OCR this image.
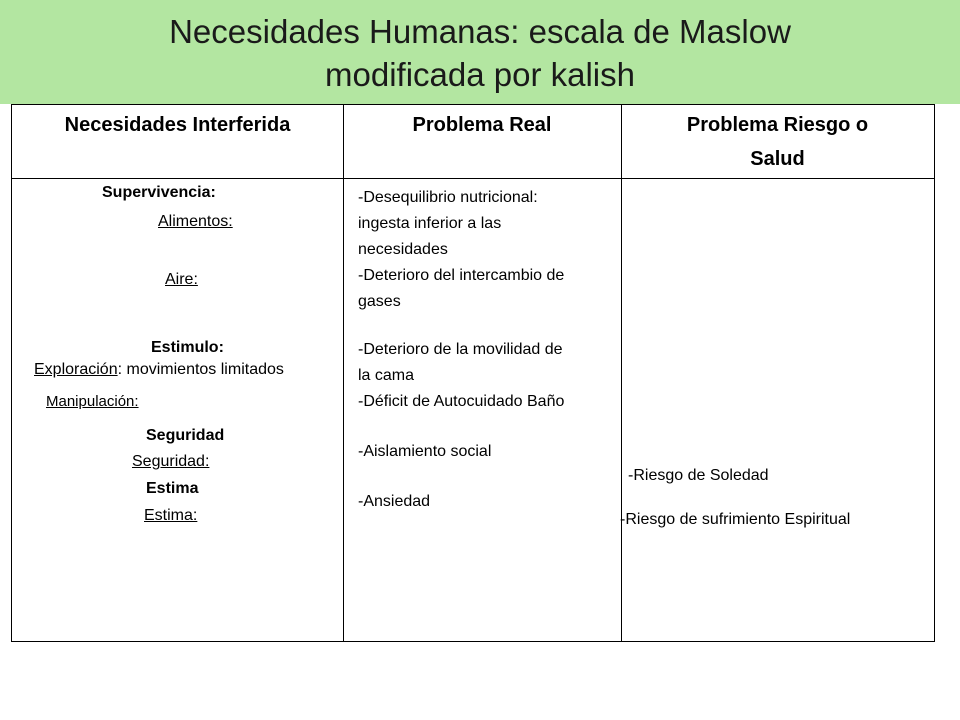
Necesidades Humanas: escala de Maslow
modificada por kalish
Necesidades Interferida	Problema Real	Problema Riesgo o
Salud
Supervivencia:
Alimentos:
Aire:
Estimulo:
Exploración: movimientos limitados
Manipulación:
Seguridad
Seguridad:
Estima
Estima:
-Desequilibrio nutricional:
ingesta inferior a las
necesidades
-Deterioro del intercambio de
gases
-Deterioro de la movilidad de
la cama
-Déficit de Autocuidado Baño
-Aislamiento social
-Ansiedad
-Riesgo de Soledad
-Riesgo de sufrimiento Espiritual
